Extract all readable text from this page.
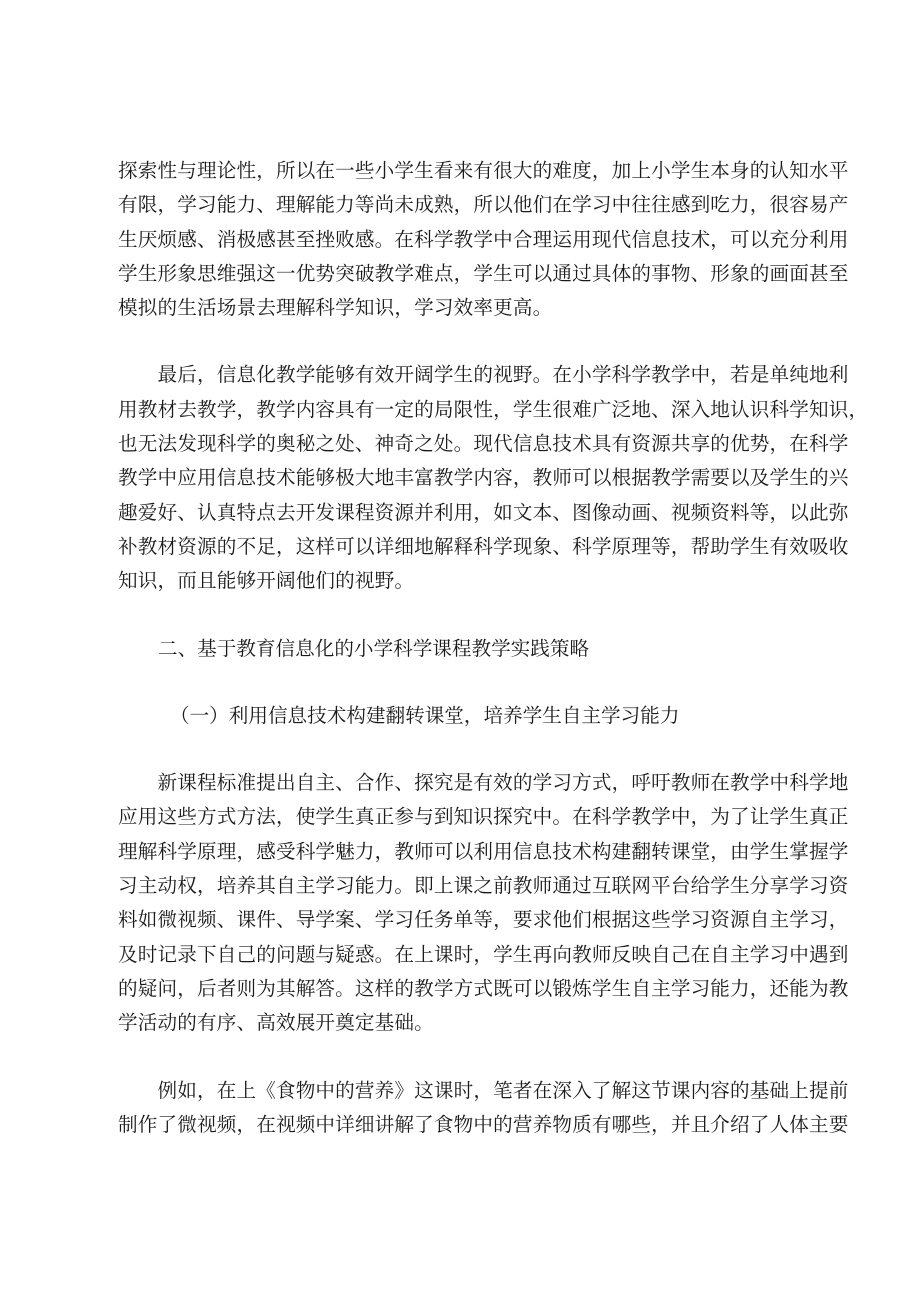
探索性与理论性，所以在一些小学生看来有很大的难度，加上小学生本身的认知水平
有限，学习能力、理解能力等尚未成熟，所以他们在学习中往往感到吃力，很容易产
生厌烦感、消极感甚至挫败感。在科学教学中合理运用现代信息技术，可以充分利用
学生形象思维强这一优势突破教学难点，学生可以通过具体的事物、形象的画面甚至
模拟的生活场景去理解科学知识，学习效率更高。
　　最后，信息化教学能够有效开阔学生的视野。在小学科学教学中，若是单纯地利
用教材去教学，教学内容具有一定的局限性，学生很难广泛地、深入地认识科学知识，
也无法发现科学的奥秘之处、神奇之处。现代信息技术具有资源共享的优势，在科学
教学中应用信息技术能够极大地丰富教学内容，教师可以根据教学需要以及学生的兴
趣爱好、认真特点去开发课程资源并利用，如文本、图像动画、视频资料等，以此弥
补教材资源的不足，这样可以详细地解释科学现象、科学原理等，帮助学生有效吸收
知识，而且能够开阔他们的视野。

二、基于教育信息化的小学科学课程教学实践策略

（一）利用信息技术构建翻转课堂，培养学生自主学习能力

　　新课程标准提出自主、合作、探究是有效的学习方式，呼吁教师在教学中科学地
应用这些方式方法，使学生真正参与到知识探究中。在科学教学中，为了让学生真正
理解科学原理，感受科学魅力，教师可以利用信息技术构建翻转课堂，由学生掌握学
习主动权，培养其自主学习能力。即上课之前教师通过互联网平台给学生分享学习资
料如微视频、课件、导学案、学习任务单等，要求他们根据这些学习资源自主学习，
及时记录下自己的问题与疑惑。在上课时，学生再向教师反映自己在自主学习中遇到
的疑问，后者则为其解答。这样的教学方式既可以锻炼学生自主学习能力，还能为教
学活动的有序、高效展开奠定基础。
　　例如，在上《食物中的营养》这课时，笔者在深入了解这节课内容的基础上提前
制作了微视频，在视频中详细讲解了食物中的营养物质有哪些，并且介绍了人体主要
